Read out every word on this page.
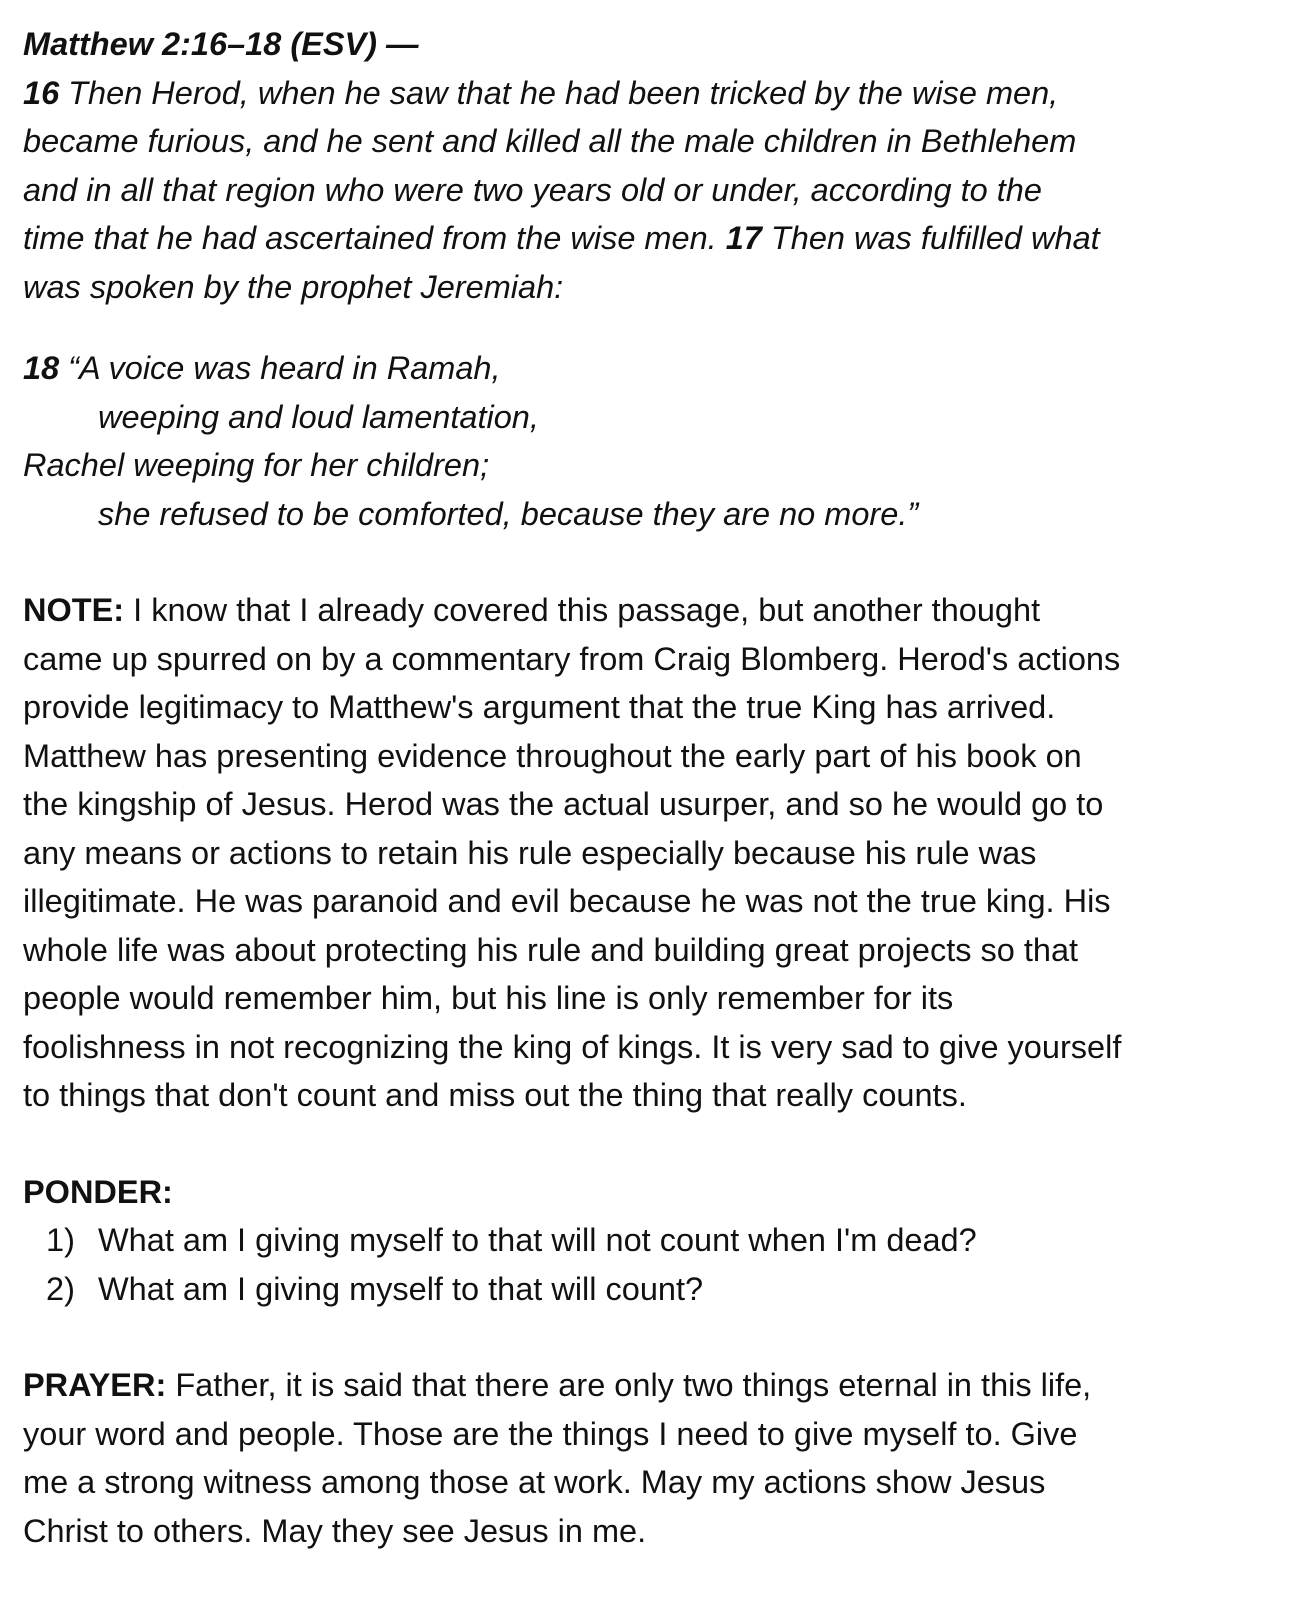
Matthew 2:16–18 (ESV) —

16 Then Herod, when he saw that he had been tricked by the wise men,

became furious, and he sent and killed all the male children in Bethlehem

and in all that region who were two years old or under, according to the

time that he had ascertained from the wise men. 17 Then was fulfilled what

was spoken by the prophet Jeremiah:

18 “A voice was heard in Ramah,

weeping and loud lamentation,

Rachel weeping for her children;

she refused to be comforted, because they are no more.”

NOTE: I know that I already covered this passage, but another thought

came up spurred on by a commentary from Craig Blomberg. Herod's actions

provide legitimacy to Matthew's argument that the true King has arrived.

Matthew has presenting evidence throughout the early part of his book on

the kingship of Jesus. Herod was the actual usurper, and so he would go to

any means or actions to retain his rule especially because his rule was

illegitimate. He was paranoid and evil because he was not the true king. His

whole life was about protecting his rule and building great projects so that

people would remember him, but his line is only remember for its

foolishness in not recognizing the king of kings. It is very sad to give yourself

to things that don't count and miss out the thing that really counts.

PONDER:

1) What am I giving myself to that will not count when I'm dead?
2) What am I giving myself to that will count?

PRAYER: Father, it is said that there are only two things eternal in this life,

your word and people. Those are the things I need to give myself to. Give

me a strong witness among those at work. May my actions show Jesus

Christ to others. May they see Jesus in me.
